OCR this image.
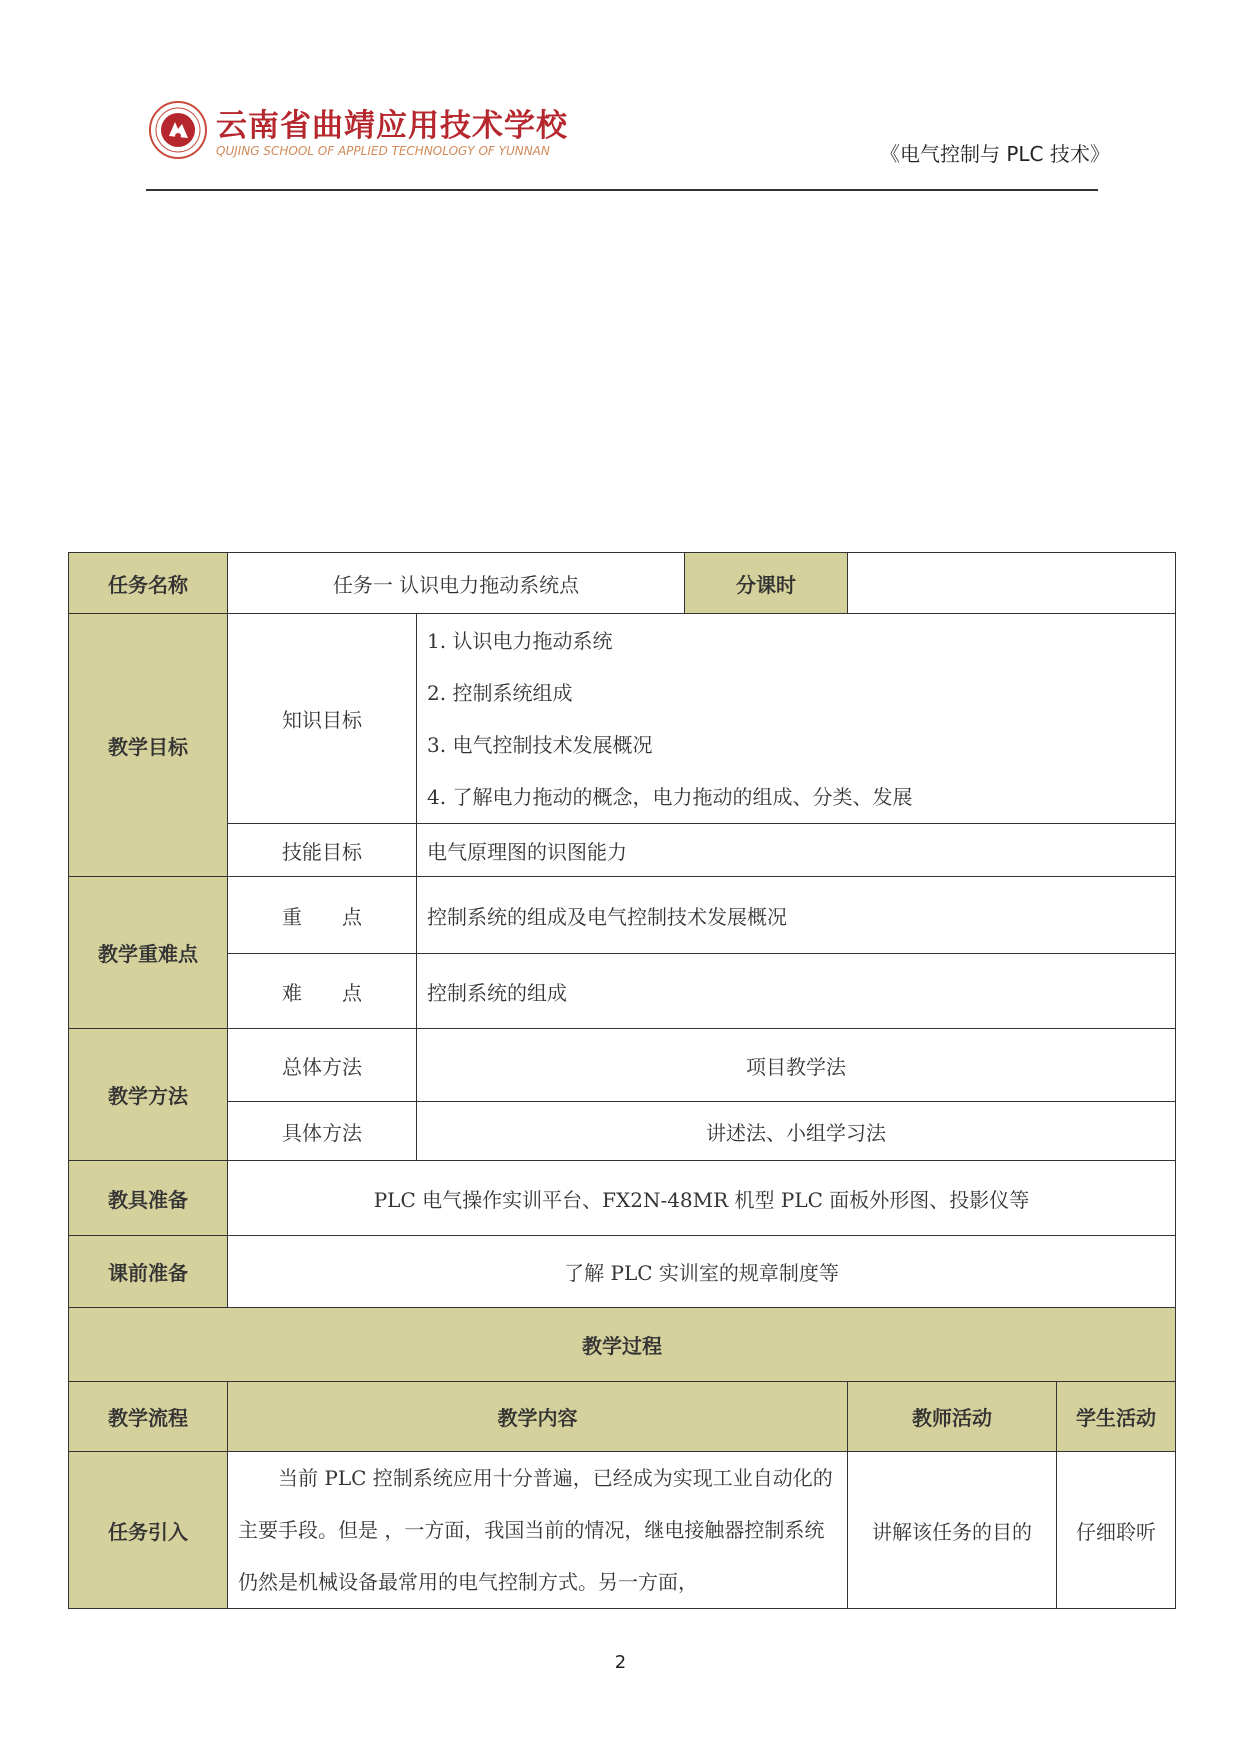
云南省曲靖应用技术学校
QUJING SCHOOL OF APPLIED TECHNOLOGY OF YUNNAN	《电气控制与 PLC 技术》
任务名称	任务一 认识电力拖动系统点		分课时		
教学目标	知识目标	1. 认识电力拖动系统
2. 控制系统组成
3. 电气控制技术发展概况
4. 了解电力拖动的概念，电力拖动的组成、分类、发展			

	技能目标	电气原理图的识图能力			
教学重难点	重　　点	控制系统的组成及电气控制技术发展概况			
	难　　点	控制系统的组成			
教学方法	总体方法	项目教学法			
	具体方法	讲述法、小组学习法			
教具准备	PLC 电气操作实训平台、FX2N-48MR 机型 PLC 面板外形图、投影仪等				
课前准备	了解 PLC 实训室的规章制度等				
教学过程					
教学流程	教学内容			教师活动	学生活动
任务引入	当前 PLC 控制系统应用十分普遍，已经成为实现工业自动化的主要手段。但是 ，一方面，我国当前的情况，继电接触器控制系统仍然是机械设备最常用的电气控制方式。另一方面，			讲解该任务的目的	仔细聆听
2
